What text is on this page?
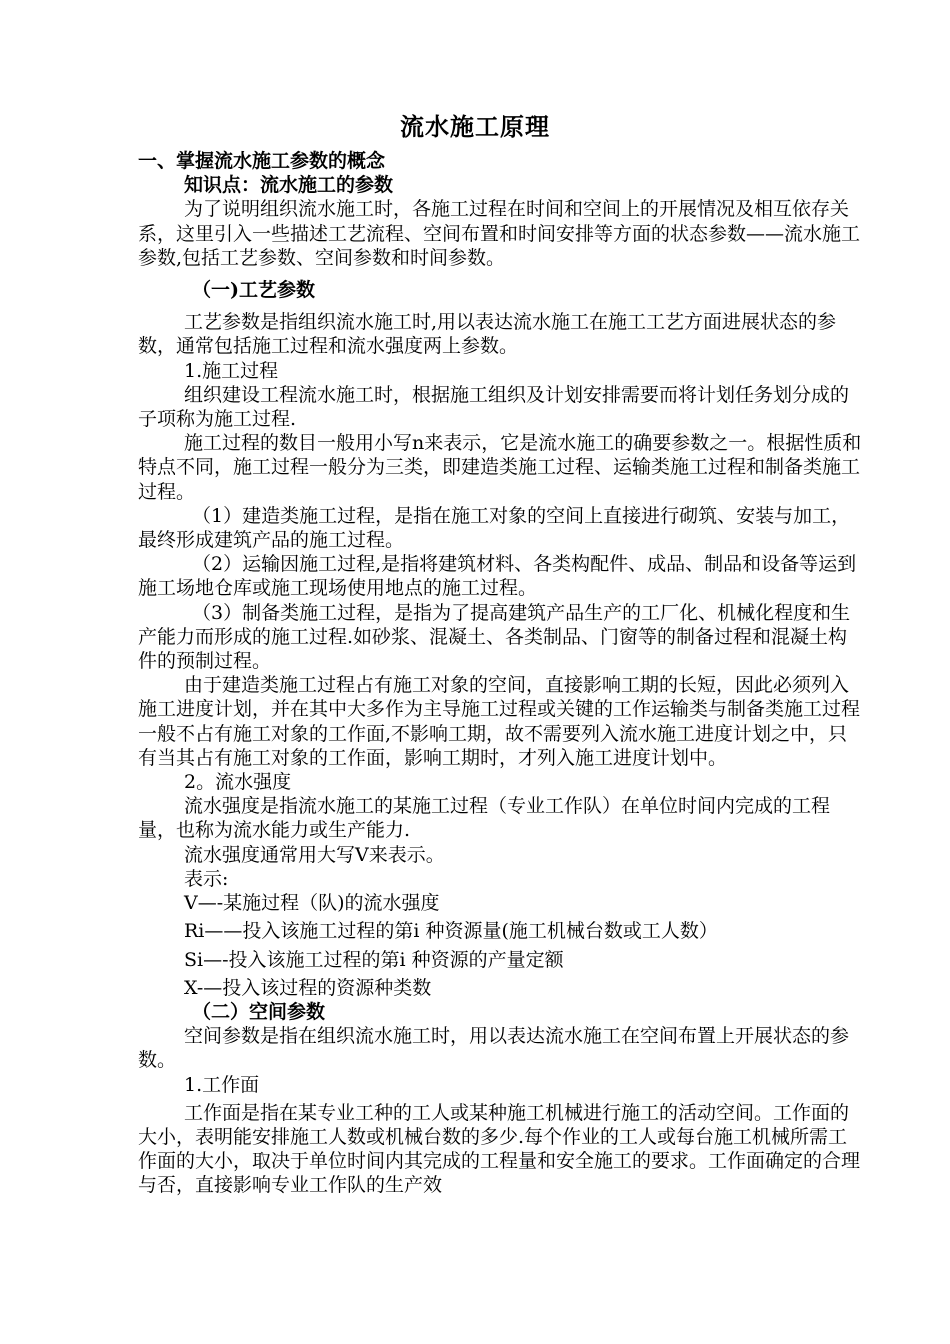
流水施工原理

一、掌握流水施工参数的概念

知识点：流水施工的参数

为了说明组织流水施工时，各施工过程在时间和空间上的开展情况及相互依存关系，这里引入一些描述工艺流程、空间布置和时间安排等方面的状态参数——流水施工参数,包括工艺参数、空间参数和时间参数。

（一)工艺参数

工艺参数是指组织流水施工时,用以表达流水施工在施工工艺方面进展状态的参数，通常包括施工过程和流水强度两上参数。

1.施工过程

组织建设工程流水施工时，根据施工组织及计划安排需要而将计划任务划分成的子项称为施工过程.

施工过程的数目一般用小写n来表示，它是流水施工的确要参数之一。根据性质和特点不同，施工过程一般分为三类，即建造类施工过程、运输类施工过程和制备类施工过程。

（1）建造类施工过程，是指在施工对象的空间上直接进行砌筑、安装与加工，最终形成建筑产品的施工过程。

（2）运输因施工过程,是指将建筑材料、各类构配件、成品、制品和设备等运到施工场地仓库或施工现场使用地点的施工过程。

（3）制备类施工过程，是指为了提高建筑产品生产的工厂化、机械化程度和生产能力而形成的施工过程.如砂浆、混凝土、各类制品、门窗等的制备过程和混凝土构件的预制过程。

由于建造类施工过程占有施工对象的空间，直接影响工期的长短，因此必须列入施工进度计划，并在其中大多作为主导施工过程或关键的工作运输类与制备类施工过程一般不占有施工对象的工作面,不影响工期，故不需要列入流水施工进度计划之中，只有当其占有施工对象的工作面，影响工期时，才列入施工进度计划中。

2。流水强度

流水强度是指流水施工的某施工过程（专业工作队）在单位时间内完成的工程量，也称为流水能力或生产能力.

流水强度通常用大写V来表示。

表示:

V—-某施过程（队)的流水强度

Ri——投入该施工过程的第i 种资源量(施工机械台数或工人数）

Si—-投入该施工过程的第i 种资源的产量定额

X-—投入该过程的资源种类数

（二）空间参数

空间参数是指在组织流水施工时，用以表达流水施工在空间布置上开展状态的参数。

1.工作面

工作面是指在某专业工种的工人或某种施工机械进行施工的活动空间。工作面的大小，表明能安排施工人数或机械台数的多少.每个作业的工人或每台施工机械所需工作面的大小，取决于单位时间内其完成的工程量和安全施工的要求。工作面确定的合理与否，直接影响专业工作队的生产效
